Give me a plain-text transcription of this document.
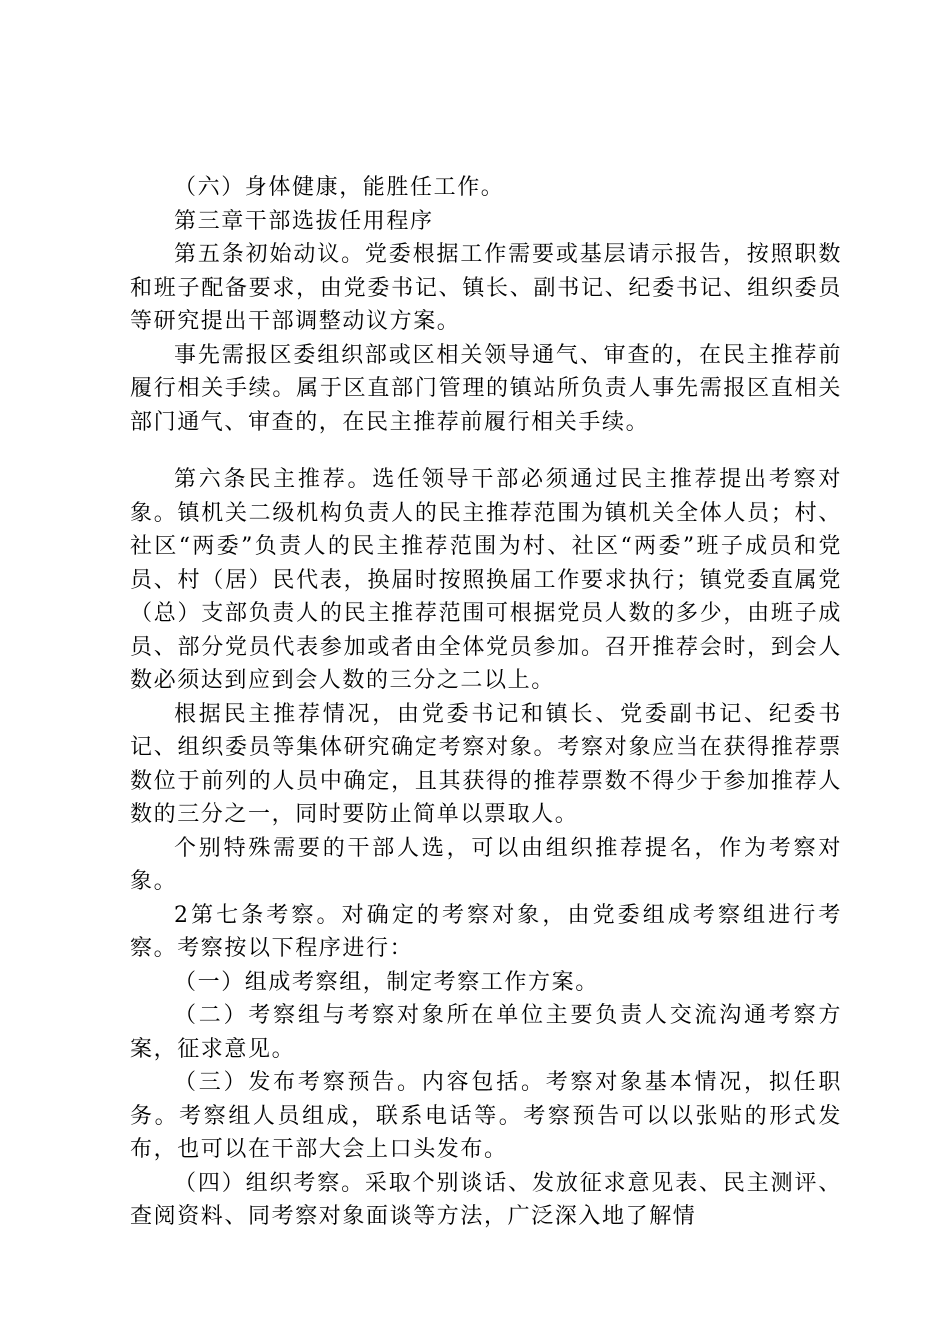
（六）身体健康，能胜任工作。

第三章干部选拔任用程序

第五条初始动议。党委根据工作需要或基层请示报告，按照职数和班子配备要求，由党委书记、镇长、副书记、纪委书记、组织委员等研究提出干部调整动议方案。

事先需报区委组织部或区相关领导通气、审查的，在民主推荐前履行相关手续。属于区直部门管理的镇站所负责人事先需报区直相关部门通气、审查的，在民主推荐前履行相关手续。

第六条民主推荐。选任领导干部必须通过民主推荐提出考察对象。镇机关二级机构负责人的民主推荐范围为镇机关全体人员；村、社区“两委”负责人的民主推荐范围为村、社区“两委”班子成员和党员、村（居）民代表，换届时按照换届工作要求执行；镇党委直属党（总）支部负责人的民主推荐范围可根据党员人数的多少，由班子成员、部分党员代表参加或者由全体党员参加。召开推荐会时，到会人数必须达到应到会人数的三分之二以上。

根据民主推荐情况，由党委书记和镇长、党委副书记、纪委书记、组织委员等集体研究确定考察对象。考察对象应当在获得推荐票数位于前列的人员中确定，且其获得的推荐票数不得少于参加推荐人数的三分之一，同时要防止简单以票取人。

个别特殊需要的干部人选，可以由组织推荐提名，作为考察对象。

2第七条考察。对确定的考察对象，由党委组成考察组进行考察。考察按以下程序进行：

（一）组成考察组，制定考察工作方案。

（二）考察组与考察对象所在单位主要负责人交流沟通考察方案，征求意见。

（三）发布考察预告。内容包括。考察对象基本情况，拟任职务。考察组人员组成，联系电话等。考察预告可以以张贴的形式发布，也可以在干部大会上口头发布。

（四）组织考察。采取个别谈话、发放征求意见表、民主测评、查阅资料、同考察对象面谈等方法，广泛深入地了解情
